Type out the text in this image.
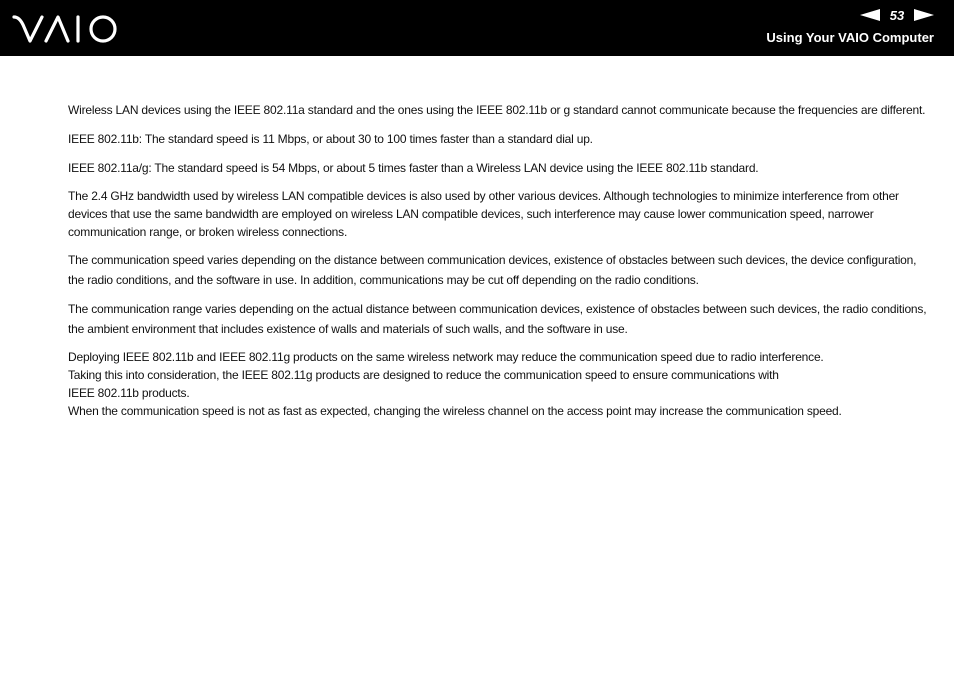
53
Using Your VAIO Computer

Wireless LAN devices using the IEEE 802.11a standard and the ones using the IEEE 802.11b or g standard cannot communicate because the frequencies are different.

IEEE 802.11b: The standard speed is 11 Mbps, or about 30 to 100 times faster than a standard dial up.

IEEE 802.11a/g: The standard speed is 54 Mbps, or about 5 times faster than a Wireless LAN device using the IEEE 802.11b standard.

The 2.4 GHz bandwidth used by wireless LAN compatible devices is also used by other various devices. Although technologies to minimize interference from other devices that use the same bandwidth are employed on wireless LAN compatible devices, such interference may cause lower communication speed, narrower communication range, or broken wireless connections.

The communication speed varies depending on the distance between communication devices, existence of obstacles between such devices, the device configuration, the radio conditions, and the software in use. In addition, communications may be cut off depending on the radio conditions.

The communication range varies depending on the actual distance between communication devices, existence of obstacles between such devices, the radio conditions, the ambient environment that includes existence of walls and materials of such walls, and the software in use.

Deploying IEEE 802.11b and IEEE 802.11g products on the same wireless network may reduce the communication speed due to radio interference.
Taking this into consideration, the IEEE 802.11g products are designed to reduce the communication speed to ensure communications with
IEEE 802.11b products.
When the communication speed is not as fast as expected, changing the wireless channel on the access point may increase the communication speed.
